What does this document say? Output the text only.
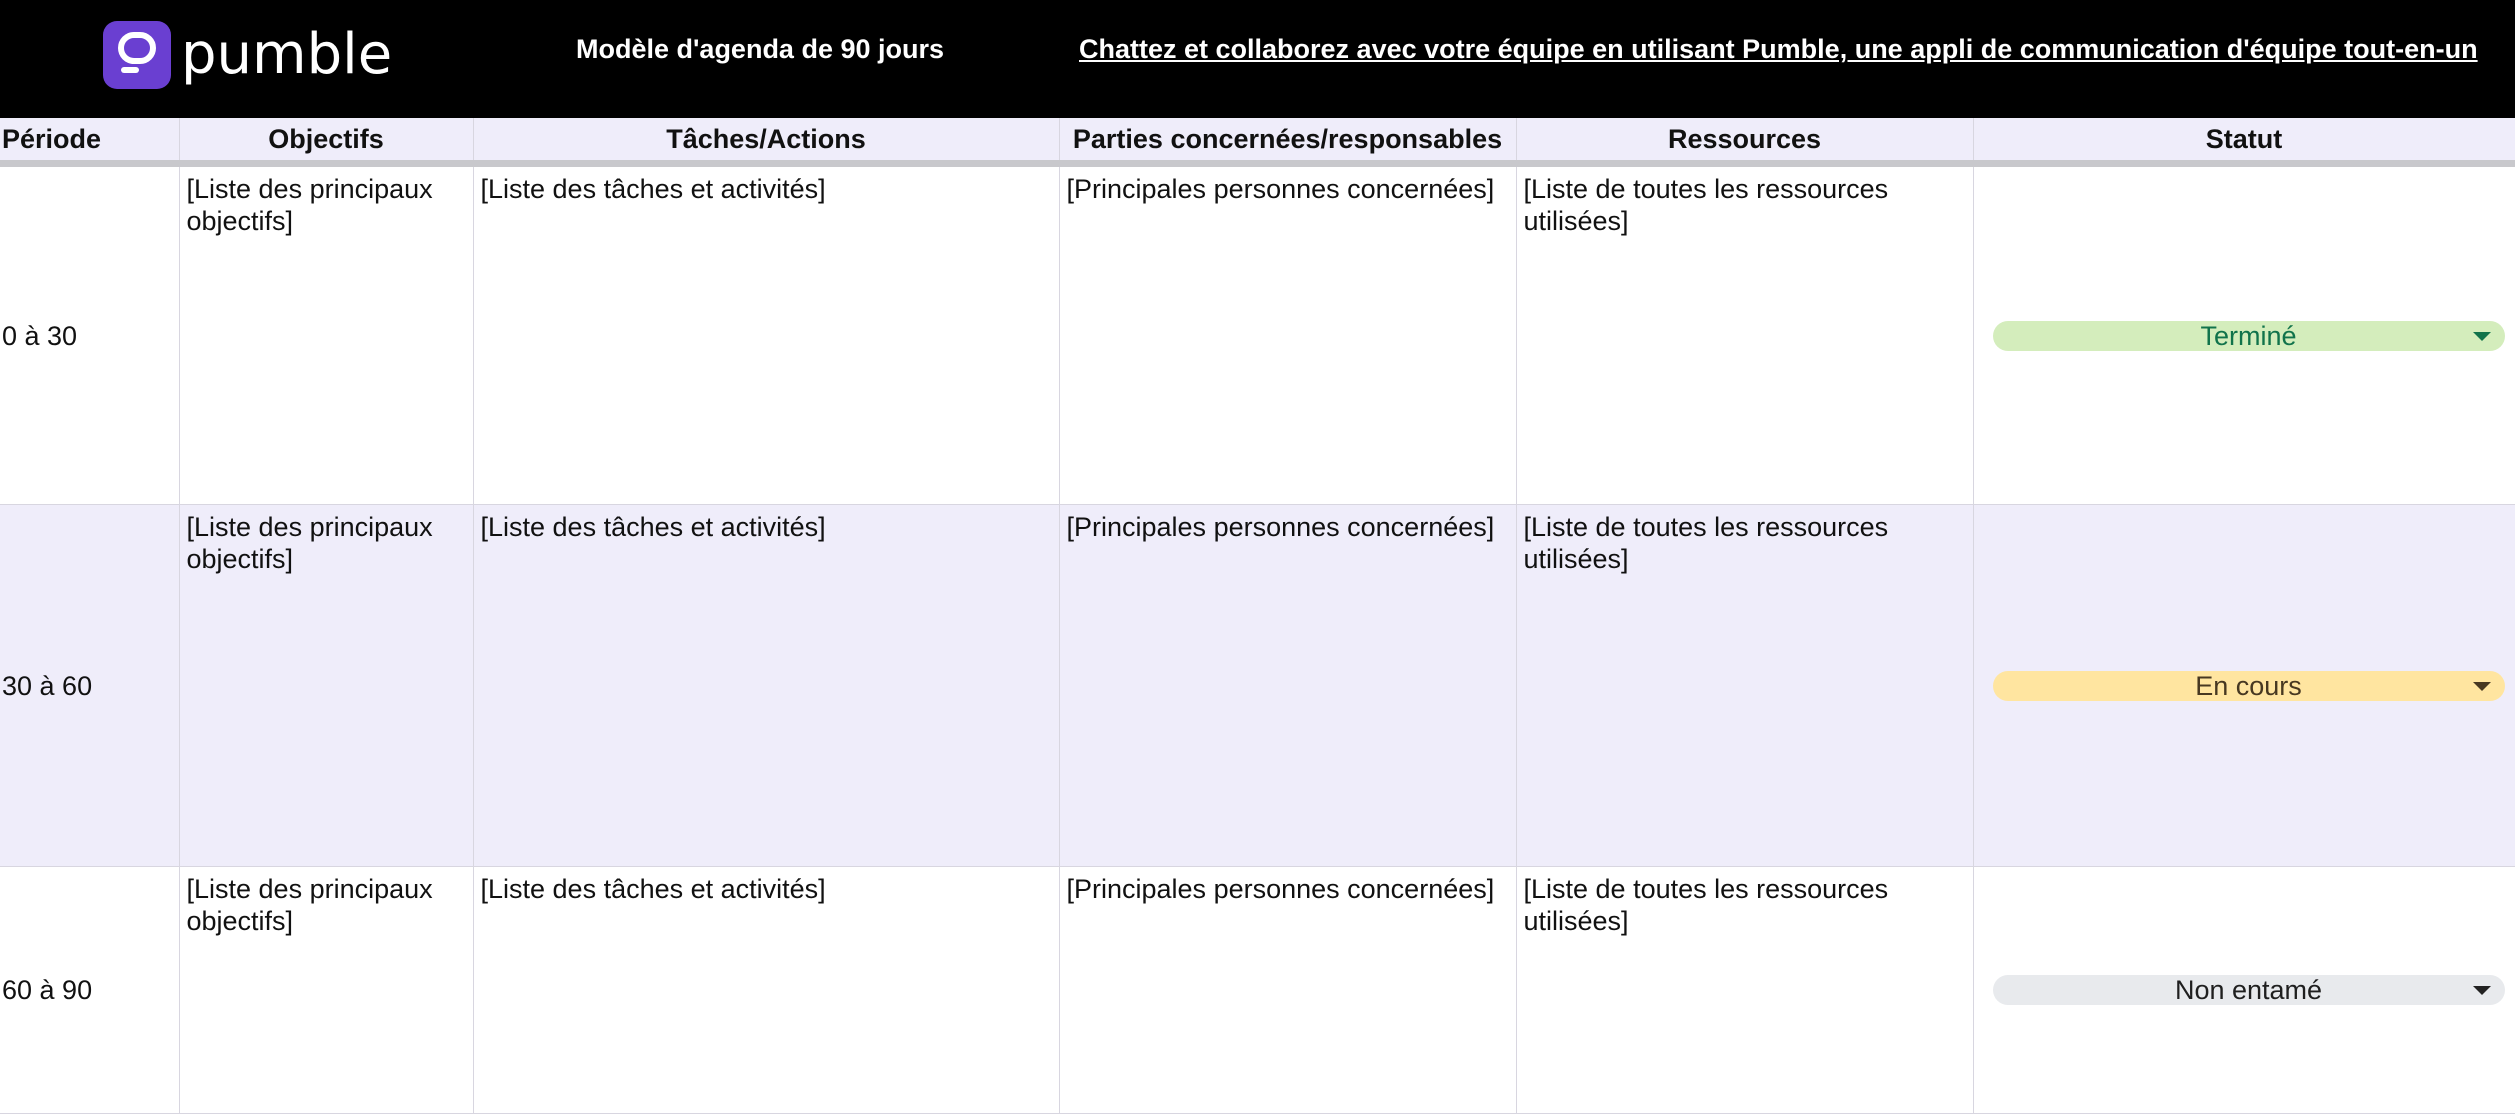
pumble	Modèle d'agenda de 90 jours	Chattez et collaborez avec votre équipe en utilisant Pumble, une appli de communication d'équipe tout-en-un
Période	Objectifs	Tâches/Actions	Parties concernées/responsables	Ressources	Statut
0 à 30	[Liste des principaux objectifs]	[Liste des tâches et activités]	[Principales personnes concernées]	[Liste de toutes les ressources utilisées]	Terminé

30 à 60	[Liste des principaux objectifs]	[Liste des tâches et activités]	[Principales personnes concernées]	[Liste de toutes les ressources utilisées]	En cours

60 à 90	[Liste des principaux objectifs]	[Liste des tâches et activités]	[Principales personnes concernées]	[Liste de toutes les ressources utilisées]	Non entamé
